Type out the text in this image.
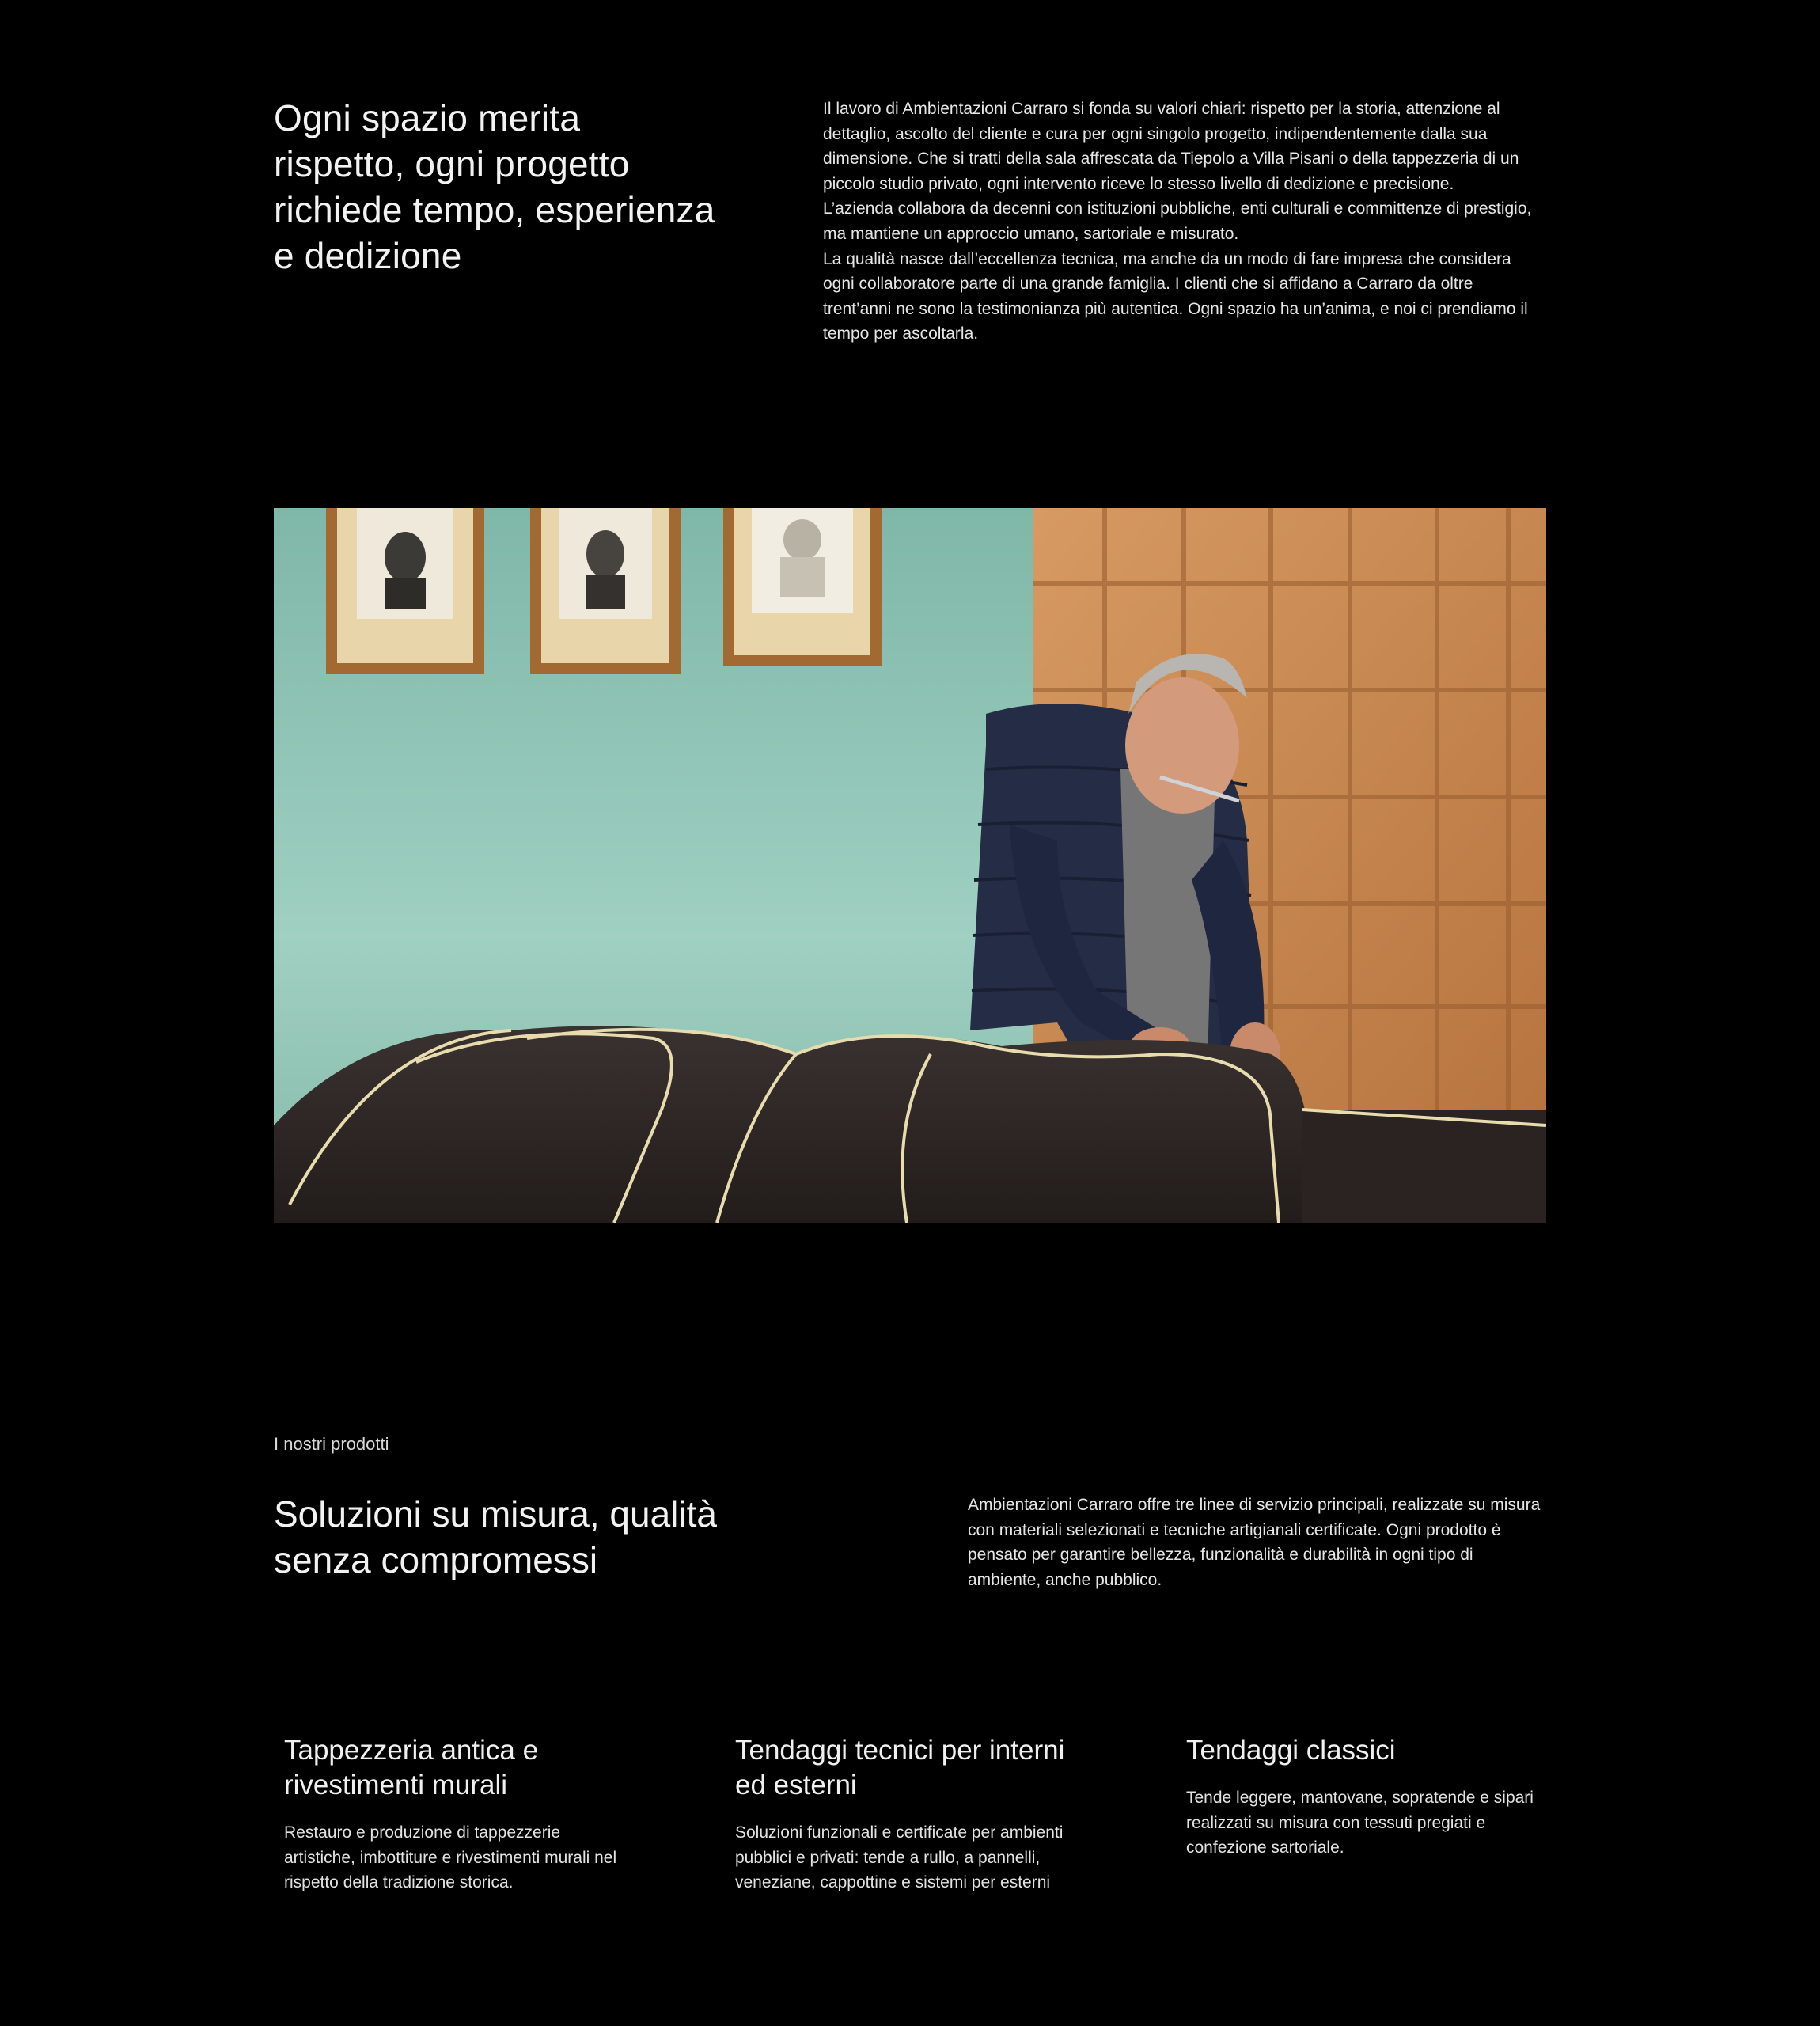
Ogni spazio merita rispetto, ogni progetto richiede tempo, esperienza e dedizione

Il lavoro di Ambientazioni Carraro si fonda su valori chiari: rispetto per la storia, attenzione al dettaglio, ascolto del cliente e cura per ogni singolo progetto, indipendentemente dalla sua dimensione. Che si tratti della sala affrescata da Tiepolo a Villa Pisani o della tappezzeria di un piccolo studio privato, ogni intervento riceve lo stesso livello di dedizione e precisione.

L’azienda collabora da decenni con istituzioni pubbliche, enti culturali e committenze di prestigio, ma mantiene un approccio umano, sartoriale e misurato.

La qualità nasce dall’eccellenza tecnica, ma anche da un modo di fare impresa che considera ogni collaboratore parte di una grande famiglia. I clienti che si affidano a Carraro da oltre trent’anni ne sono la testimonianza più autentica. Ogni spazio ha un’anima, e noi ci prendiamo il tempo per ascoltarla.

I nostri prodotti

Soluzioni su misura, qualità senza compromessi

Ambientazioni Carraro offre tre linee di servizio principali, realizzate su misura con materiali selezionati e tecniche artigianali certificate. Ogni prodotto è pensato per garantire bellezza, funzionalità e durabilità in ogni tipo di ambiente, anche pubblico.

Tappezzeria antica e rivestimenti murali

Restauro e produzione di tappezzerie artistiche, imbottiture e rivestimenti murali nel rispetto della tradizione storica.

Tendaggi tecnici per interni ed esterni

Soluzioni funzionali e certificate per ambienti pubblici e privati: tende a rullo, a pannelli, veneziane, cappottine e sistemi per esterni

Tendaggi classici

Tende leggere, mantovane, sopratende e sipari realizzati su misura con tessuti pregiati e confezione sartoriale.
